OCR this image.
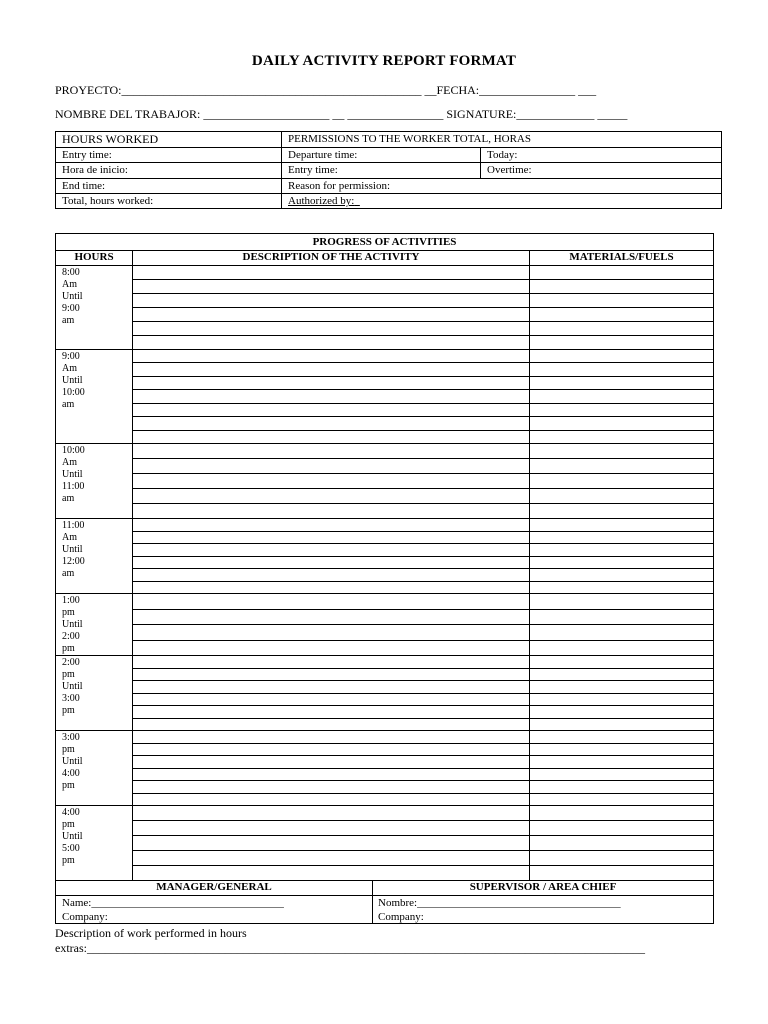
DAILY ACTIVITY REPORT FORMAT
PROYECTO:__________________________________________________ __FECHA:________________ ___
NOMBRE DEL TRABAJOR: _____________________ __ ________________ SIGNATURE:_____________ _____
HOURS WORKED	PERMISSIONS TO THE WORKER TOTAL, HORAS
Entry time:	Departure time:	Today:
Hora de inicio:	Entry time:	Overtime:
End time:	Reason for permission:
Total, hours worked:	Authorized by:_
PROGRESS OF ACTIVITIES
HOURS	DESCRIPTION OF THE ACTIVITY	MATERIALS/FUELS
8:00
Am
Until
9:00
am
9:00
Am
Until
10:00
am
10:00
Am
Until
11:00
am
11:00
Am
Until
12:00
am
1:00
pm
Until
2:00
pm
2:00
pm
Until
3:00
pm
3:00
pm
Until
4:00
pm
4:00
pm
Until
5:00
pm
MANAGER/GENERAL	SUPERVISOR / AREA CHIEF
Name:___________________________________
Company:
Nombre:_____________________________________
Company:
Description of work performed in hours
extras:_____________________________________________________________________________________________
